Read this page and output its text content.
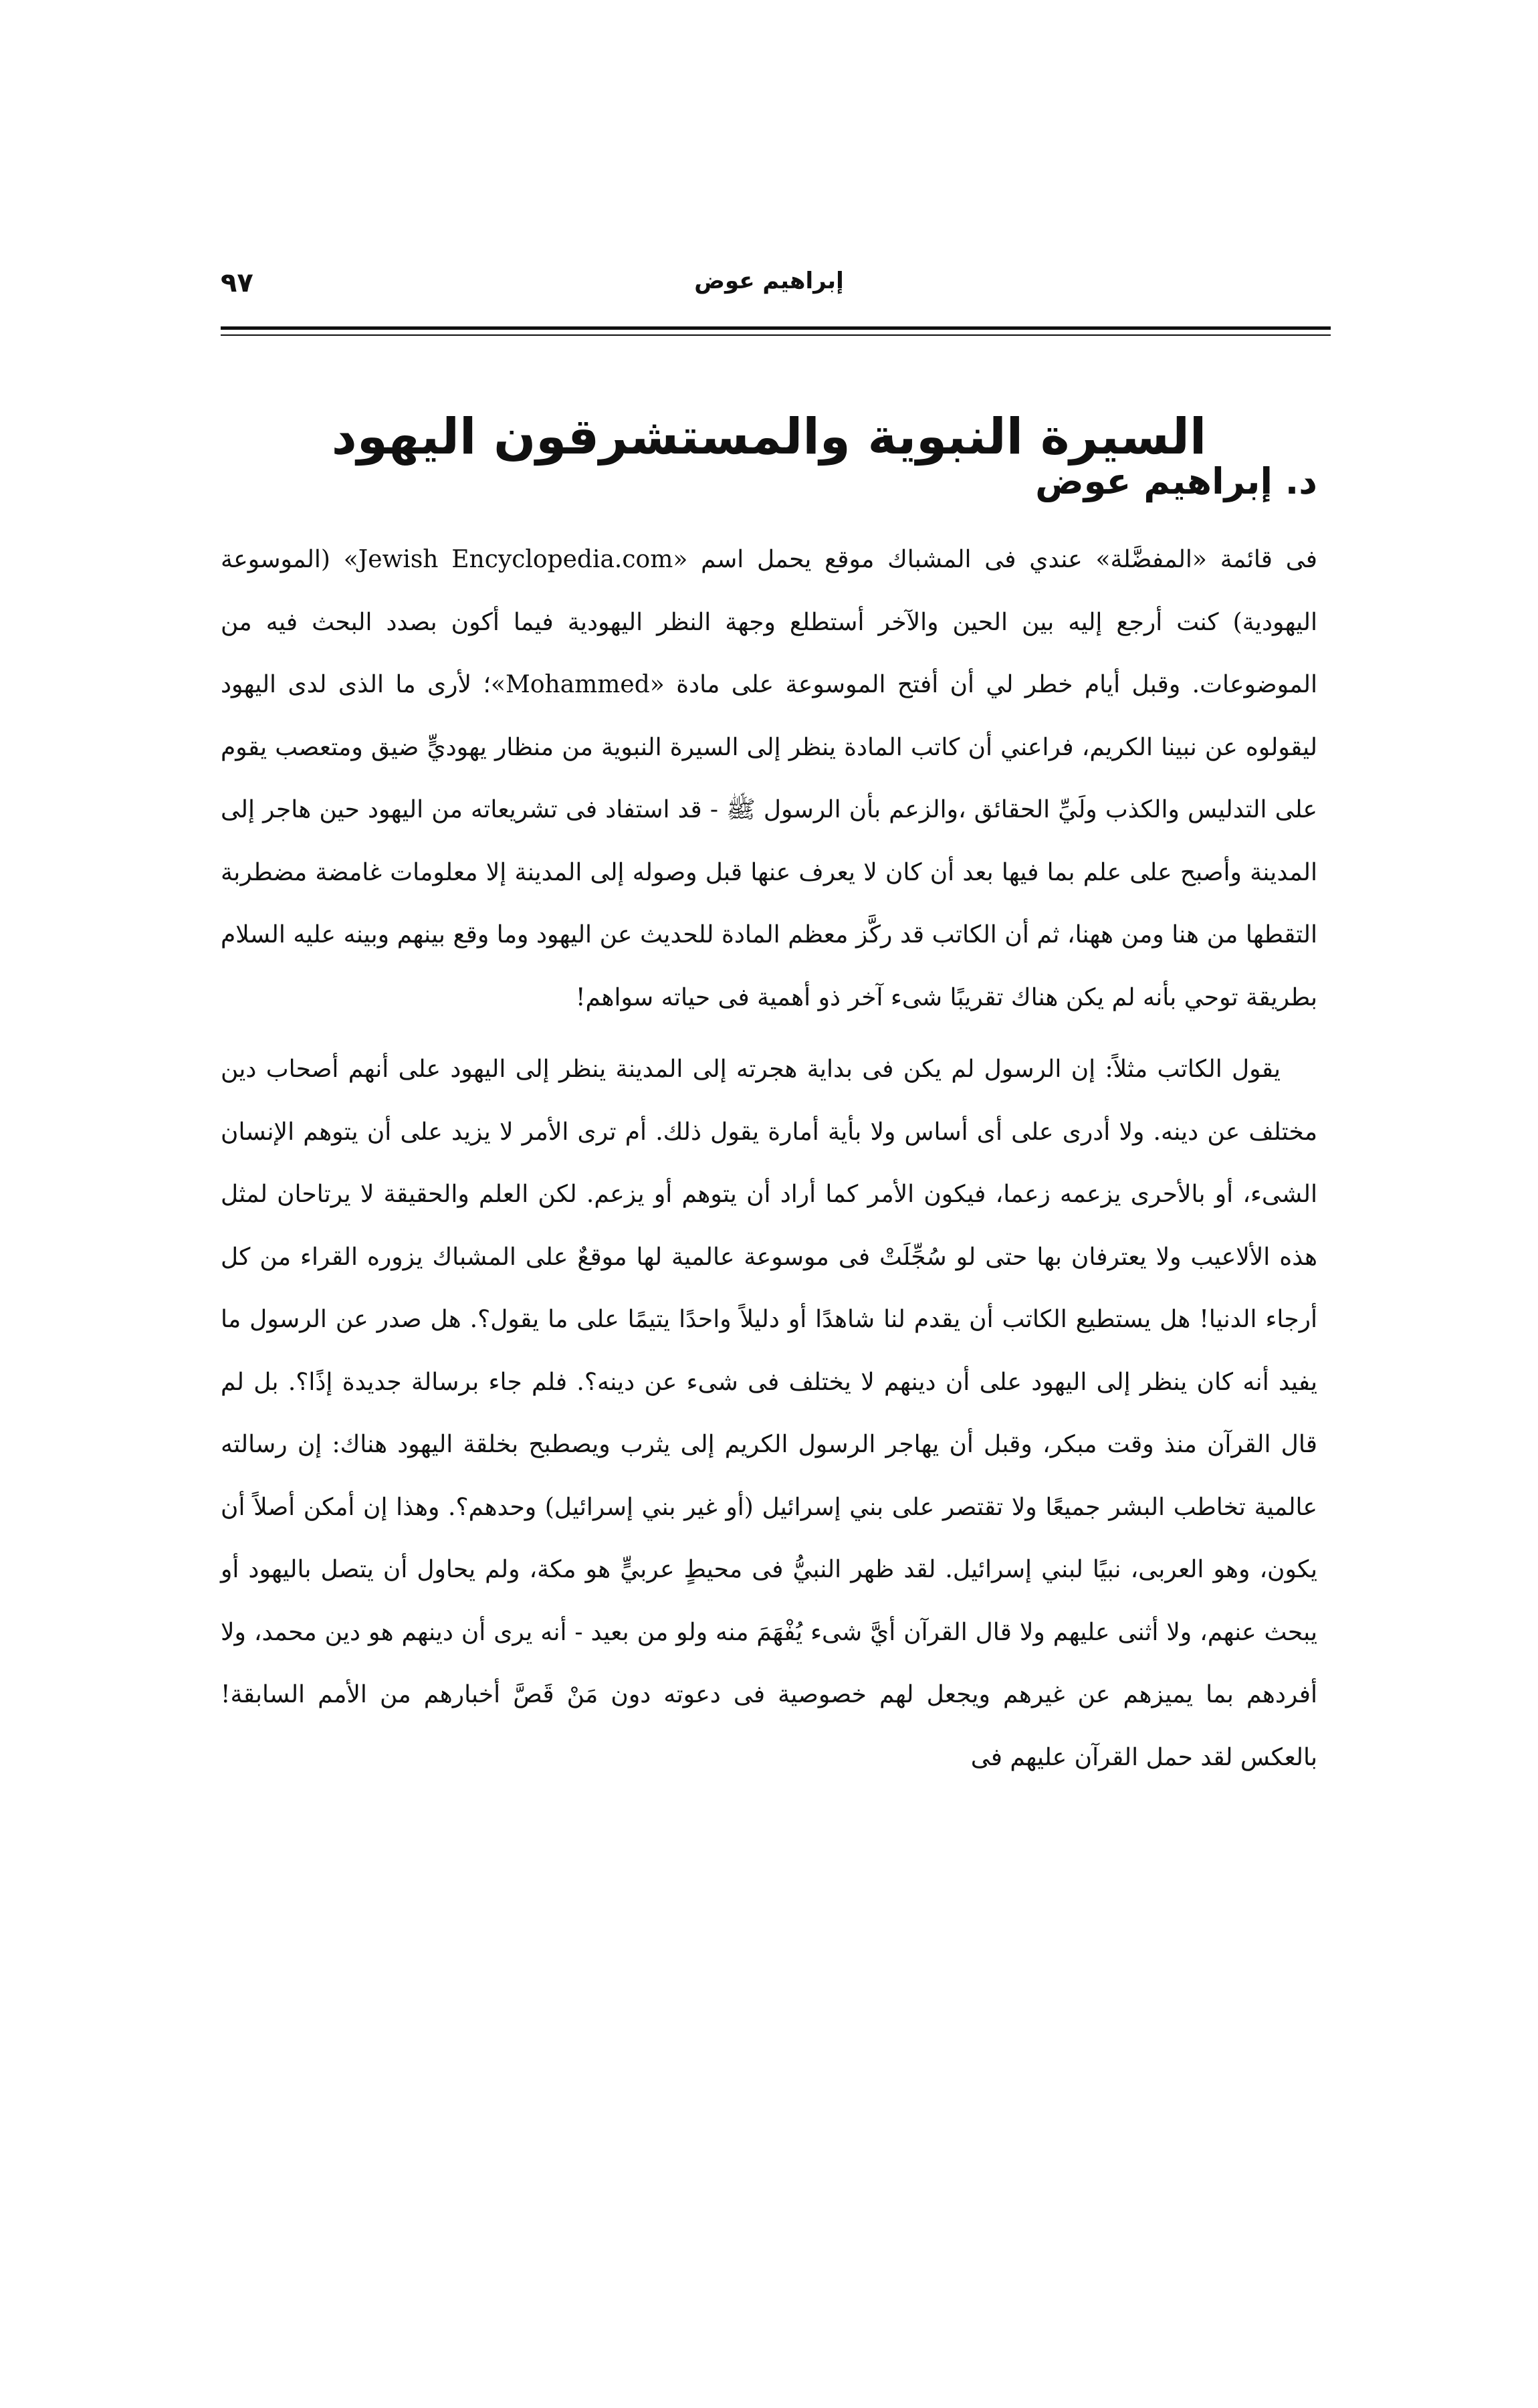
٩٧	إبراهيم عوض
السيرة النبوية والمستشرقون اليهود
د. إبراهيم عوض

فى قائمة «المفضَّلة» عندي فى المشباك موقع يحمل اسم «Jewish Encyclopedia.com» (الموسوعة اليهودية) كنت أرجع إليه بين الحين والآخر أستطلع وجهة النظر اليهودية فيما أكون بصدد البحث فيه من الموضوعات. وقبل أيام خطر لي أن أفتح الموسوعة على مادة «Mohammed»؛ لأرى ما الذى لدى اليهود ليقولوه عن نبينا الكريم، فراعني أن كاتب المادة ينظر إلى السيرة النبوية من منظار يهوديٍّ ضيق ومتعصب يقوم على التدليس والكذب ولَيِّ الحقائق ،والزعم بأن الرسول ﷺ - قد استفاد فى تشريعاته من اليهود حين هاجر إلى المدينة وأصبح على علم بما فيها بعد أن كان لا يعرف عنها قبل وصوله إلى المدينة إلا معلومات غامضة مضطربة التقطها من هنا ومن ههنا، ثم أن الكاتب قد ركَّز معظم المادة للحديث عن اليهود وما وقع بينهم وبينه عليه السلام بطريقة توحي بأنه لم يكن هناك تقريبًا شىء آخر ذو أهمية فى حياته سواهم!

يقول الكاتب مثلاً: إن الرسول لم يكن فى بداية هجرته إلى المدينة ينظر إلى اليهود على أنهم أصحاب دين مختلف عن دينه. ولا أدرى على أى أساس ولا بأية أمارة يقول ذلك. أم ترى الأمر لا يزيد على أن يتوهم الإنسان الشىء، أو بالأحرى يزعمه زعما، فيكون الأمر كما أراد أن يتوهم أو يزعم. لكن العلم والحقيقة لا يرتاحان لمثل هذه الألاعيب ولا يعترفان بها حتى لو سُجِّلَتْ فى موسوعة عالمية لها موقعٌ على المشباك يزوره القراء من كل أرجاء الدنيا! هل يستطيع الكاتب أن يقدم لنا شاهدًا أو دليلاً واحدًا يتيمًا على ما يقول؟. هل صدر عن الرسول ما يفيد أنه كان ينظر إلى اليهود على أن دينهم لا يختلف فى شىء عن دينه؟. فلم جاء برسالة جديدة إذًا؟. بل لم قال القرآن منذ وقت مبكر، وقبل أن يهاجر الرسول الكريم إلى يثرب ويصطبح بخلقة اليهود هناك: إن رسالته عالمية تخاطب البشر جميعًا ولا تقتصر على بني إسرائيل (أو غير بني إسرائيل) وحدهم؟. وهذا إن أمكن أصلاً أن يكون، وهو العربى، نبيًا لبني إسرائيل. لقد ظهر النبيُّ فى محيطٍ عربيٍّ هو مكة، ولم يحاول أن يتصل باليهود أو يبحث عنهم، ولا أثنى عليهم ولا قال القرآن أيَّ شىء يُفْهَمَ منه ولو من بعيد - أنه يرى أن دينهم هو دين محمد، ولا أفردهم بما يميزهم عن غيرهم ويجعل لهم خصوصية فى دعوته دون مَنْ قَصَّ أخبارهم من الأمم السابقة! بالعكس لقد حمل القرآن عليهم فى
